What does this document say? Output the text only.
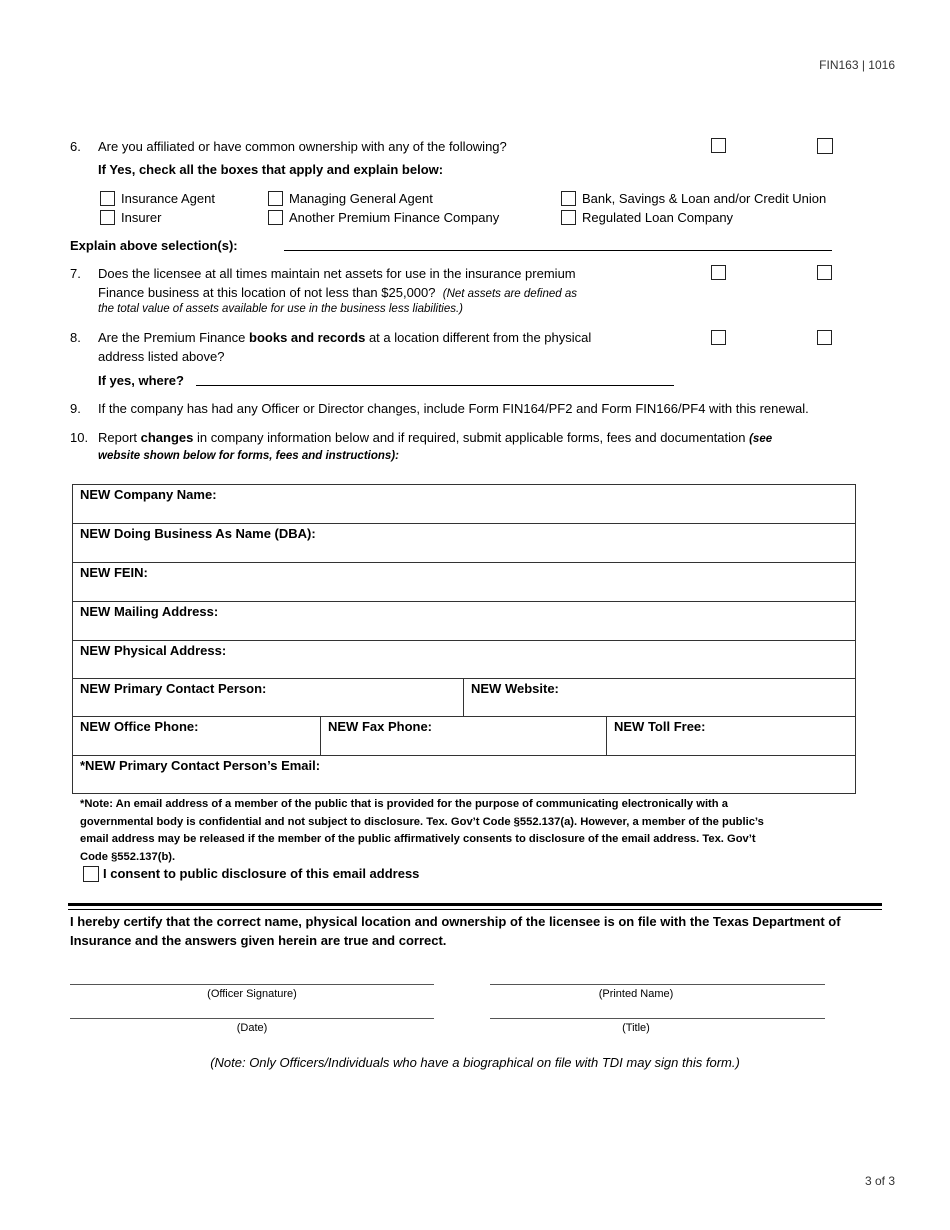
FIN163 | 1016
6. Are you affiliated or have common ownership with any of the following?
If Yes, check all the boxes that apply and explain below:
Insurance Agent
Insurer
Managing General Agent
Another Premium Finance Company
Bank, Savings & Loan and/or Credit Union
Regulated Loan Company
Explain above selection(s):
7. Does the licensee at all times maintain net assets for use in the insurance premium
Finance business at this location of not less than $25,000? (Net assets are defined as
the total value of assets available for use in the business less liabilities.)
8. Are the Premium Finance books and records at a location different from the physical
address listed above?
If yes, where?
9. If the company has had any Officer or Director changes, include Form FIN164/PF2 and Form FIN166/PF4 with this renewal.
10. Report changes in company information below and if required, submit applicable forms, fees and documentation (see
website shown below for forms, fees and instructions):
NEW Company Name:
NEW Doing Business As Name (DBA):
NEW FEIN:
NEW Mailing Address:
NEW Physical Address:
NEW Primary Contact Person:	NEW Website:
NEW Office Phone:	NEW Fax Phone:	NEW Toll Free:
*NEW Primary Contact Person’s Email:
*Note: An email address of a member of the public that is provided for the purpose of communicating electronically with a
governmental body is confidential and not subject to disclosure. Tex. Gov’t Code §552.137(a). However, a member of the public’s
email address may be released if the member of the public affirmatively consents to disclosure of the email address. Tex. Gov’t
Code §552.137(b).
I consent to public disclosure of this email address
I hereby certify that the correct name, physical location and ownership of the licensee is on file with the Texas Department of
Insurance and the answers given herein are true and correct.
(Officer Signature)	(Printed Name)
(Date)	(Title)
(Note: Only Officers/Individuals who have a biographical on file with TDI may sign this form.)
3 of 3
